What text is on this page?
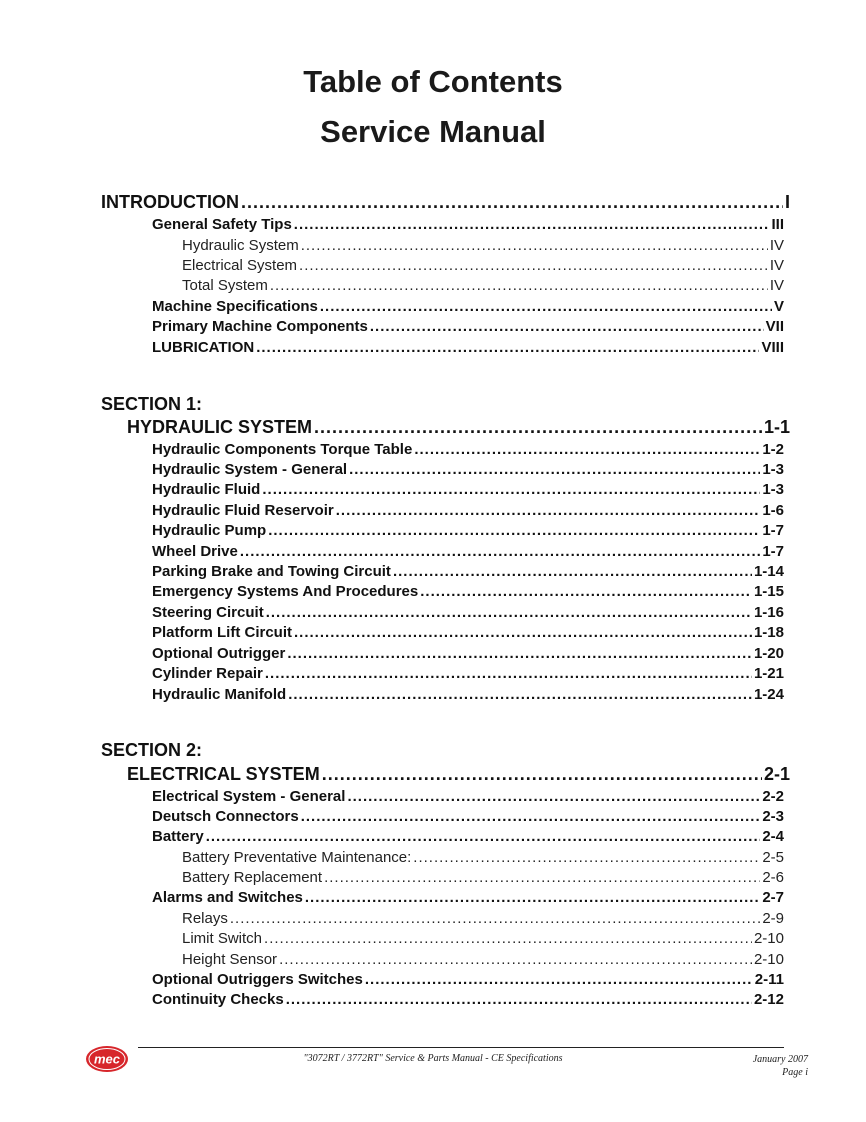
Table of Contents
Service Manual
INTRODUCTION .....	I
General Safety Tips .....	III
Hydraulic System .....	IV
Electrical System .....	IV
Total System .....	IV
Machine Specifications .....	V
Primary Machine Components .....	VII
LUBRICATION .....	VIII
SECTION 1:
HYDRAULIC SYSTEM .....	1-1
Hydraulic Components Torque Table .....	1-2
Hydraulic System - General .....	1-3
Hydraulic Fluid .....	1-3
Hydraulic Fluid Reservoir .....	1-6
Hydraulic Pump .....	1-7
Wheel Drive .....	1-7
Parking Brake and Towing Circuit .....	1-14
Emergency Systems And Procedures .....	1-15
Steering Circuit .....	1-16
Platform Lift Circuit .....	1-18
Optional Outrigger .....	1-20
Cylinder Repair .....	1-21
Hydraulic Manifold .....	1-24
SECTION 2:
ELECTRICAL SYSTEM .....	2-1
Electrical System - General .....	2-2
Deutsch Connectors .....	2-3
Battery .....	2-4
Battery Preventative Maintenance: .....	2-5
Battery Replacement .....	2-6
Alarms and Switches .....	2-7
Relays .....	2-9
Limit Switch .....	2-10
Height Sensor .....	2-10
Optional Outriggers Switches .....	2-11
Continuity Checks .....	2-12
mec	"3072RT / 3772RT" Service & Parts Manual - CE Specifications	January 2007
Page i
